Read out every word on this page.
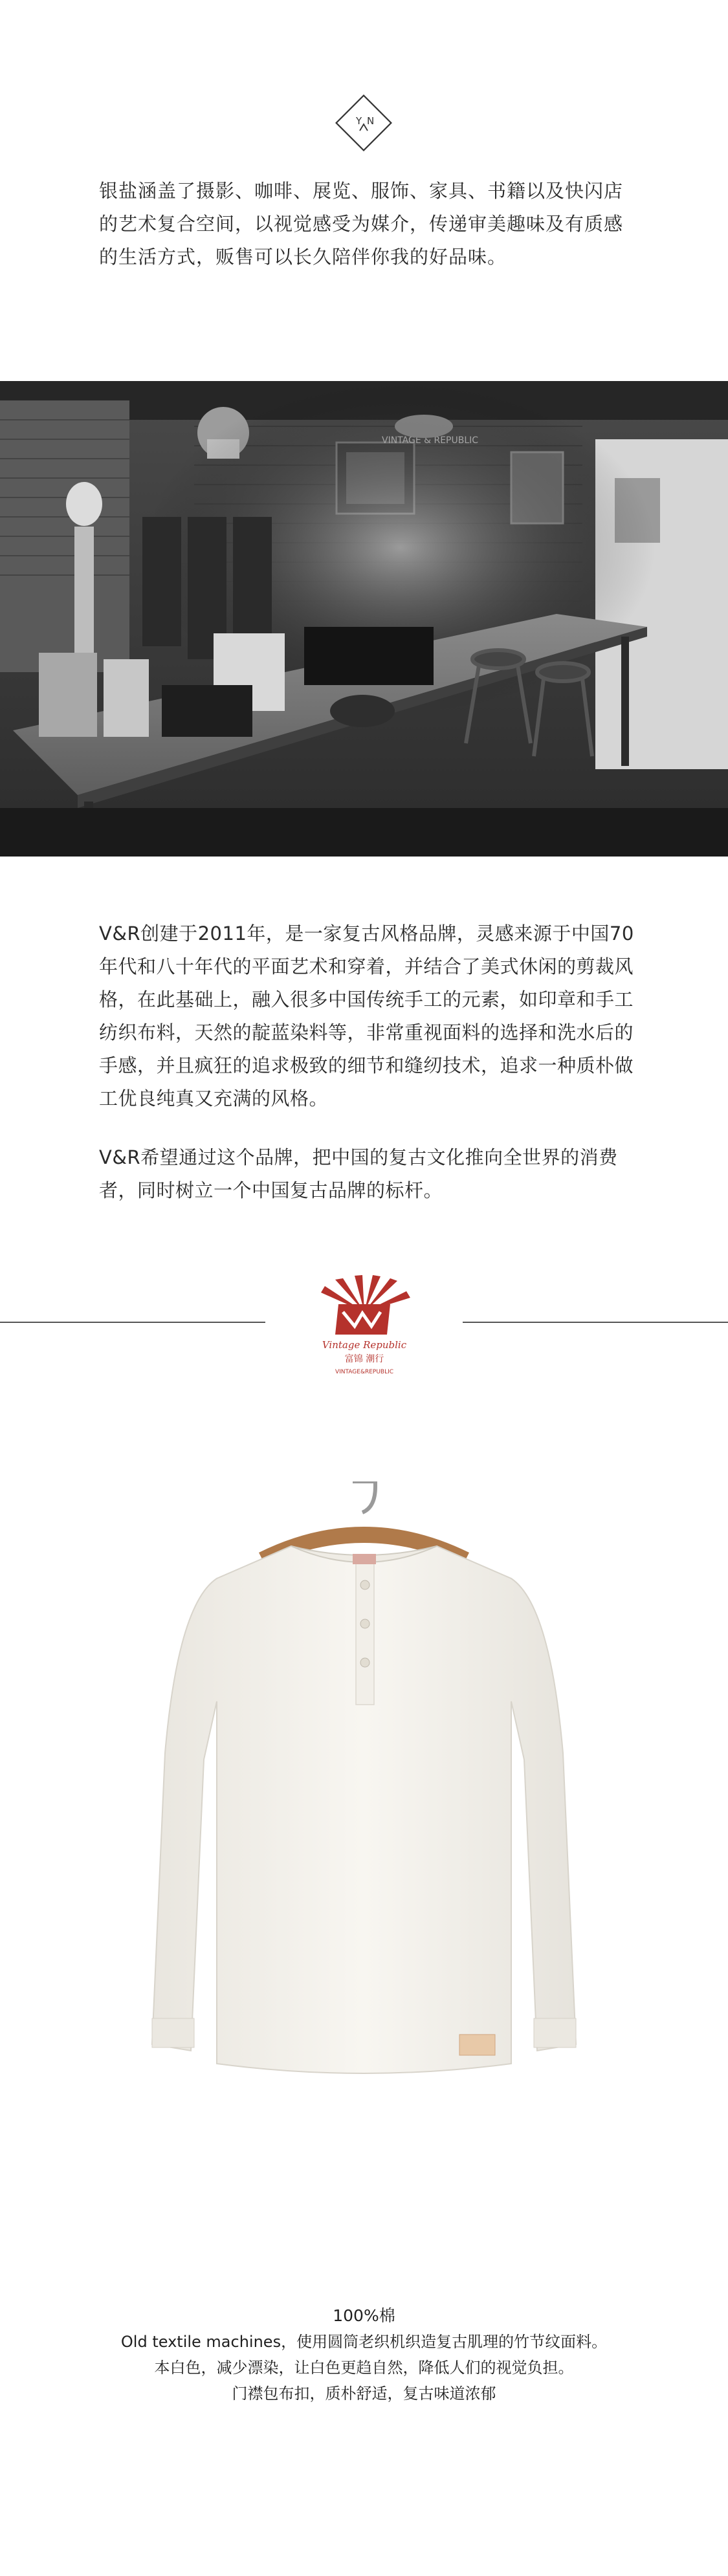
Y N
银盐涵盖了摄影、咖啡、展览、服饰、家具、书籍以及快闪店的艺术复合空间，以视觉感受为媒介，传递审美趣味及有质感的生活方式，贩售可以长久陪伴你我的好品味。

V&R创建于2011年，是一家复古风格品牌，灵感来源于中国70年代和八十年代的平面艺术和穿着，并结合了美式休闲的剪裁风格，在此基础上，融入很多中国传统手工的元素，如印章和手工纺织布料，天然的靛蓝染料等，非常重视面料的选择和洗水后的手感，并且疯狂的追求极致的细节和缝纫技术，追求一种质朴做工优良纯真又充满的风格。

V&R希望通过这个品牌，把中国的复古文化推向全世界的消费者，同时树立一个中国复古品牌的标杆。

Vintage Republic
富锦 潮行
VINTAGE&REPUBLIC
100%棉
Old textile machines，使用圆筒老织机织造复古肌理的竹节纹面料。
本白色，减少漂染，让白色更趋自然，降低人们的视觉负担。
门襟包布扣，质朴舒适，复古味道浓郁
